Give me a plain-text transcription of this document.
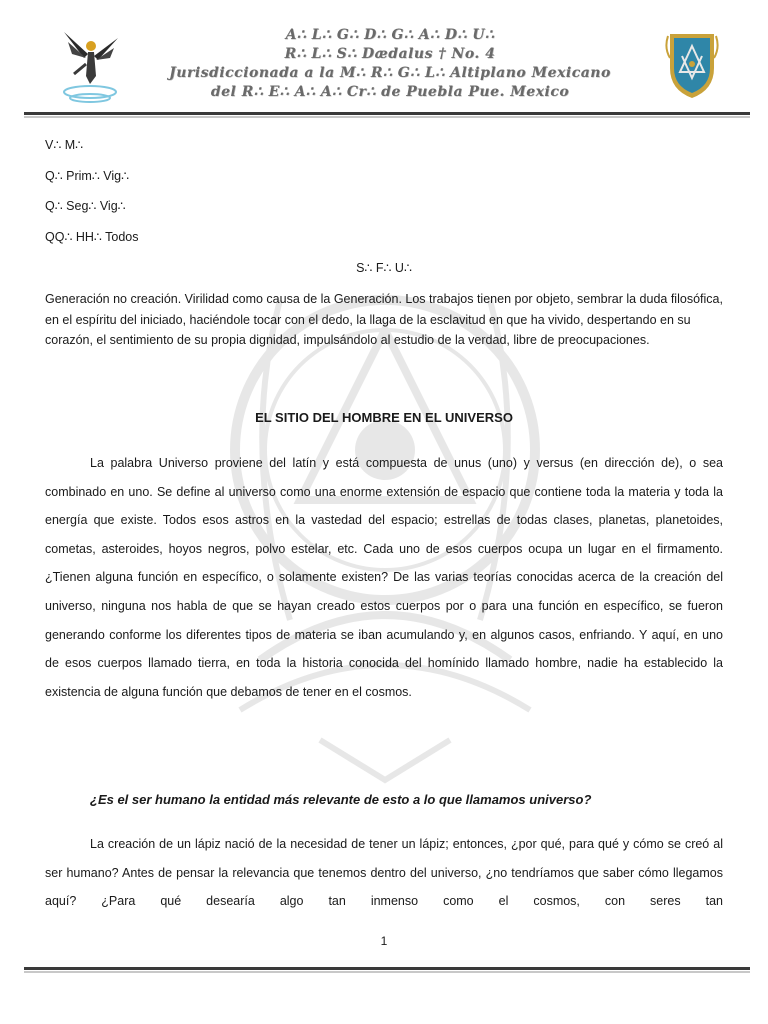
A∴ L∴ G∴ D∴ G∴ A∴ D∴ U∴
R∴ L∴ S∴ Dædalus † No. 4
Jurisdiccionada a la M∴ R∴ G∴ L∴ Altiplano Mexicano
del R∴ E∴ A∴ A∴ Cr∴ de Puebla Pue. Mexico
V∴ M∴
Q∴ Prim∴ Vig∴
Q∴ Seg∴ Vig∴
QQ∴ HH∴ Todos
S∴ F∴ U∴
Generación no creación. Virilidad como causa de la Generación. Los trabajos tienen por objeto, sembrar la duda filosófica, en el espíritu del iniciado, haciéndole tocar con el dedo, la llaga de la esclavitud en que ha vivido, despertando en su corazón, el sentimiento de su propia dignidad, impulsándolo al estudio de la verdad, libre de preocupaciones.
EL SITIO DEL HOMBRE EN EL UNIVERSO
La palabra Universo proviene del latín y está compuesta de unus (uno) y versus (en dirección de), o sea combinado en uno. Se define al universo como una enorme extensión de espacio que contiene toda la materia y toda la energía que existe. Todos esos astros en la vastedad del espacio; estrellas de todas clases, planetas, planetoides, cometas, asteroides, hoyos negros, polvo estelar, etc. Cada uno de esos cuerpos ocupa un lugar en el firmamento. ¿Tienen alguna función en específico, o solamente existen? De las varias teorías conocidas acerca de la creación del universo, ninguna nos habla de que se hayan creado estos cuerpos por o para una función en específico, se fueron generando conforme los diferentes tipos de materia se iban acumulando y, en algunos casos, enfriando. Y aquí, en uno de esos cuerpos llamado tierra, en toda la historia conocida del homínido llamado hombre, nadie ha establecido la existencia de alguna función que debamos de tener en el cosmos.
¿Es el ser humano la entidad más relevante de esto a lo que llamamos universo?
La creación de un lápiz nació de la necesidad de tener un lápiz; entonces, ¿por qué, para qué y cómo se creó al ser humano? Antes de pensar la relevancia que tenemos dentro del universo, ¿no tendríamos que saber cómo llegamos aquí? ¿Para qué desearía algo tan inmenso como el cosmos, con seres tan
1
